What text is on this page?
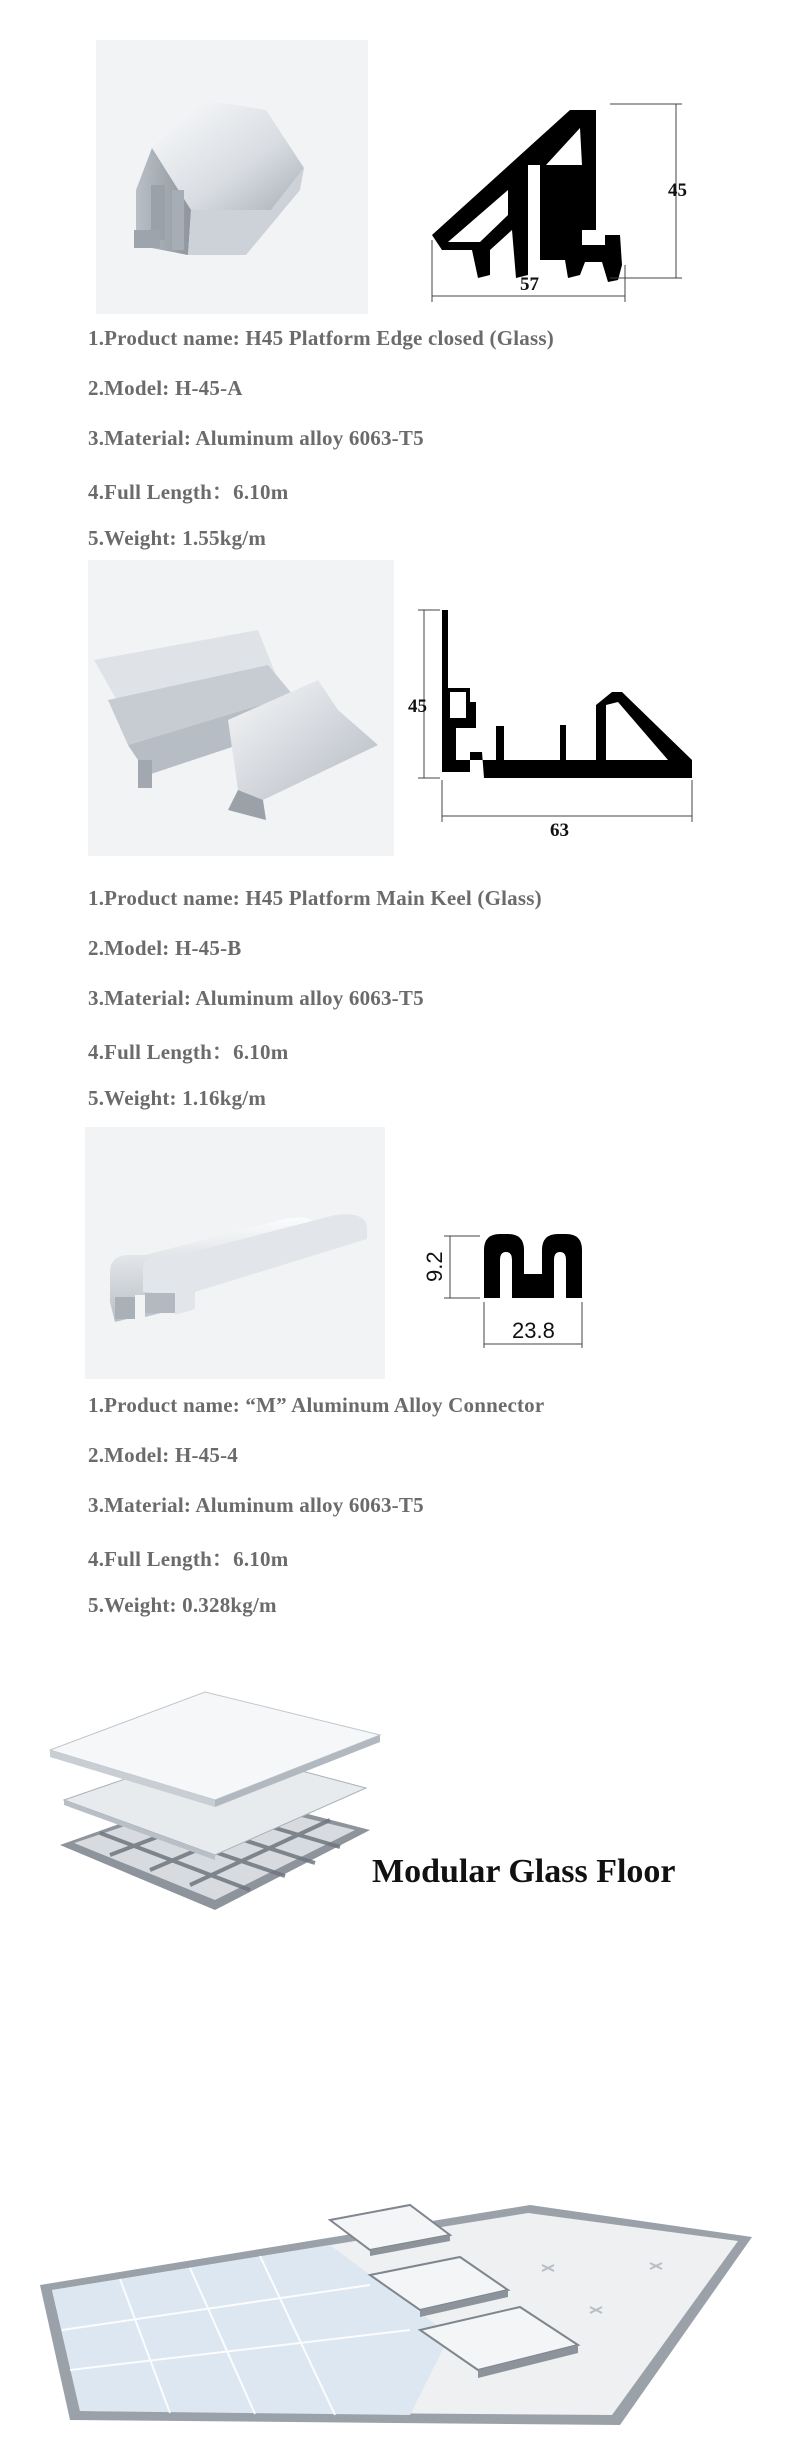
45
57

1.Product name: H45 Platform Edge closed (Glass)

2.Model: H-45-A

3.Material: Aluminum alloy 6063-T5

4.Full Length：6.10m

5.Weight: 1.55kg/m

45
63

1.Product name: H45 Platform Main Keel (Glass)

2.Model: H-45-B

3.Material: Aluminum alloy 6063-T5

4.Full Length：6.10m

5.Weight: 1.16kg/m

9.2
23.8

1.Product name: “M” Aluminum Alloy Connector

2.Model: H-45-4

3.Material: Aluminum alloy 6063-T5

4.Full Length：6.10m

5.Weight: 0.328kg/m

Modular Glass Floor
